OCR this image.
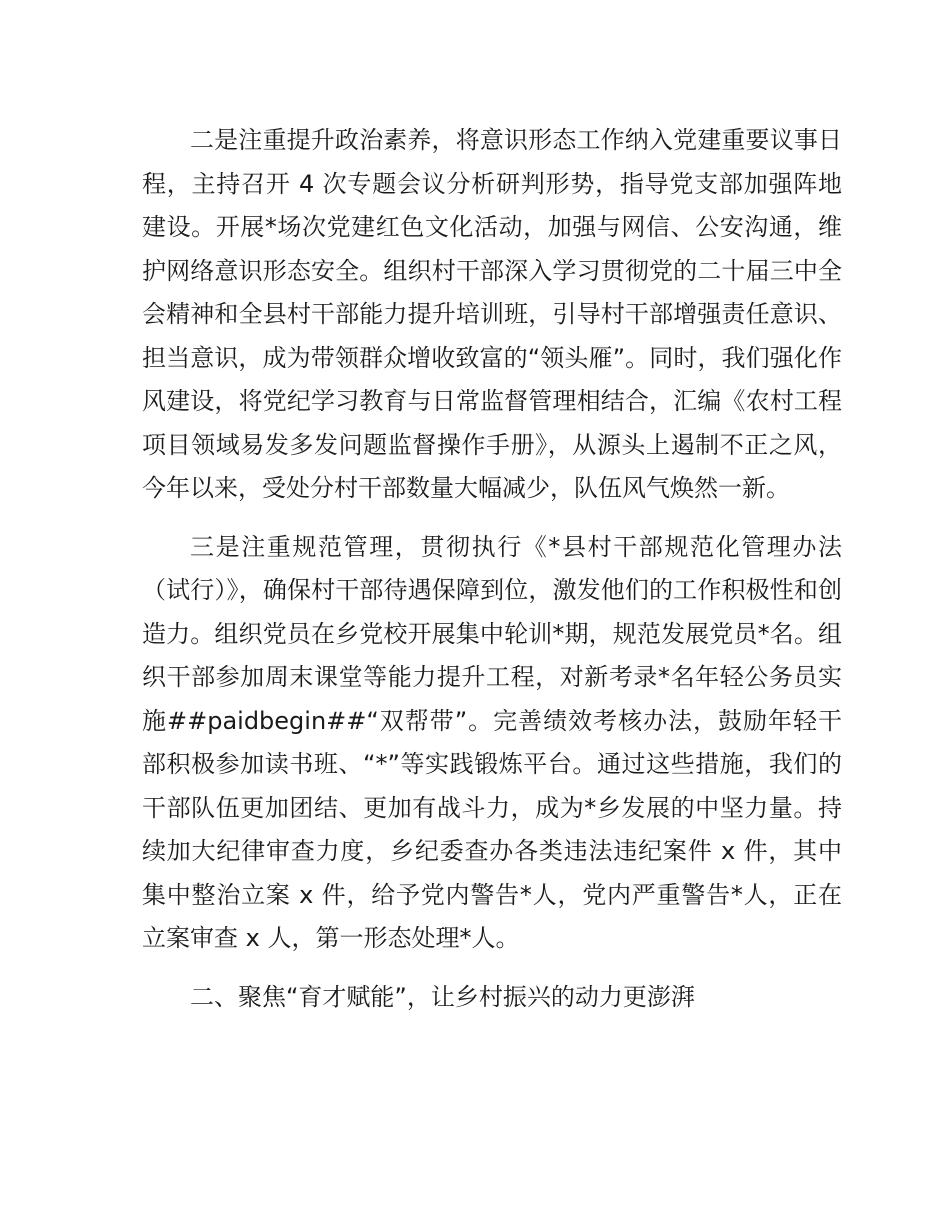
二是注重提升政治素养，将意识形态工作纳入党建重要议事日程，主持召开 4 次专题会议分析研判形势，指导党支部加强阵地建设。开展*场次党建红色文化活动，加强与网信、公安沟通，维护网络意识形态安全。组织村干部深入学习贯彻党的二十届三中全会精神和全县村干部能力提升培训班，引导村干部增强责任意识、担当意识，成为带领群众增收致富的“领头雁”。同时，我们强化作风建设，将党纪学习教育与日常监督管理相结合，汇编《农村工程项目领域易发多发问题监督操作手册》，从源头上遏制不正之风，今年以来，受处分村干部数量大幅减少，队伍风气焕然一新。

三是注重规范管理，贯彻执行《*县村干部规范化管理办法（试行）》，确保村干部待遇保障到位，激发他们的工作积极性和创造力。组织党员在乡党校开展集中轮训*期，规范发展党员*名。组织干部参加周末课堂等能力提升工程，对新考录*名年轻公务员实施##paidbegin##“双帮带”。完善绩效考核办法，鼓励年轻干部积极参加读书班、“*”等实践锻炼平台。通过这些措施，我们的干部队伍更加团结、更加有战斗力，成为*乡发展的中坚力量。持续加大纪律审查力度，乡纪委查办各类违法违纪案件 x 件，其中集中整治立案 x 件，给予党内警告*人，党内严重警告*人，正在立案审查 x 人，第一形态处理*人。

二、聚焦“育才赋能”，让乡村振兴的动力更澎湃
